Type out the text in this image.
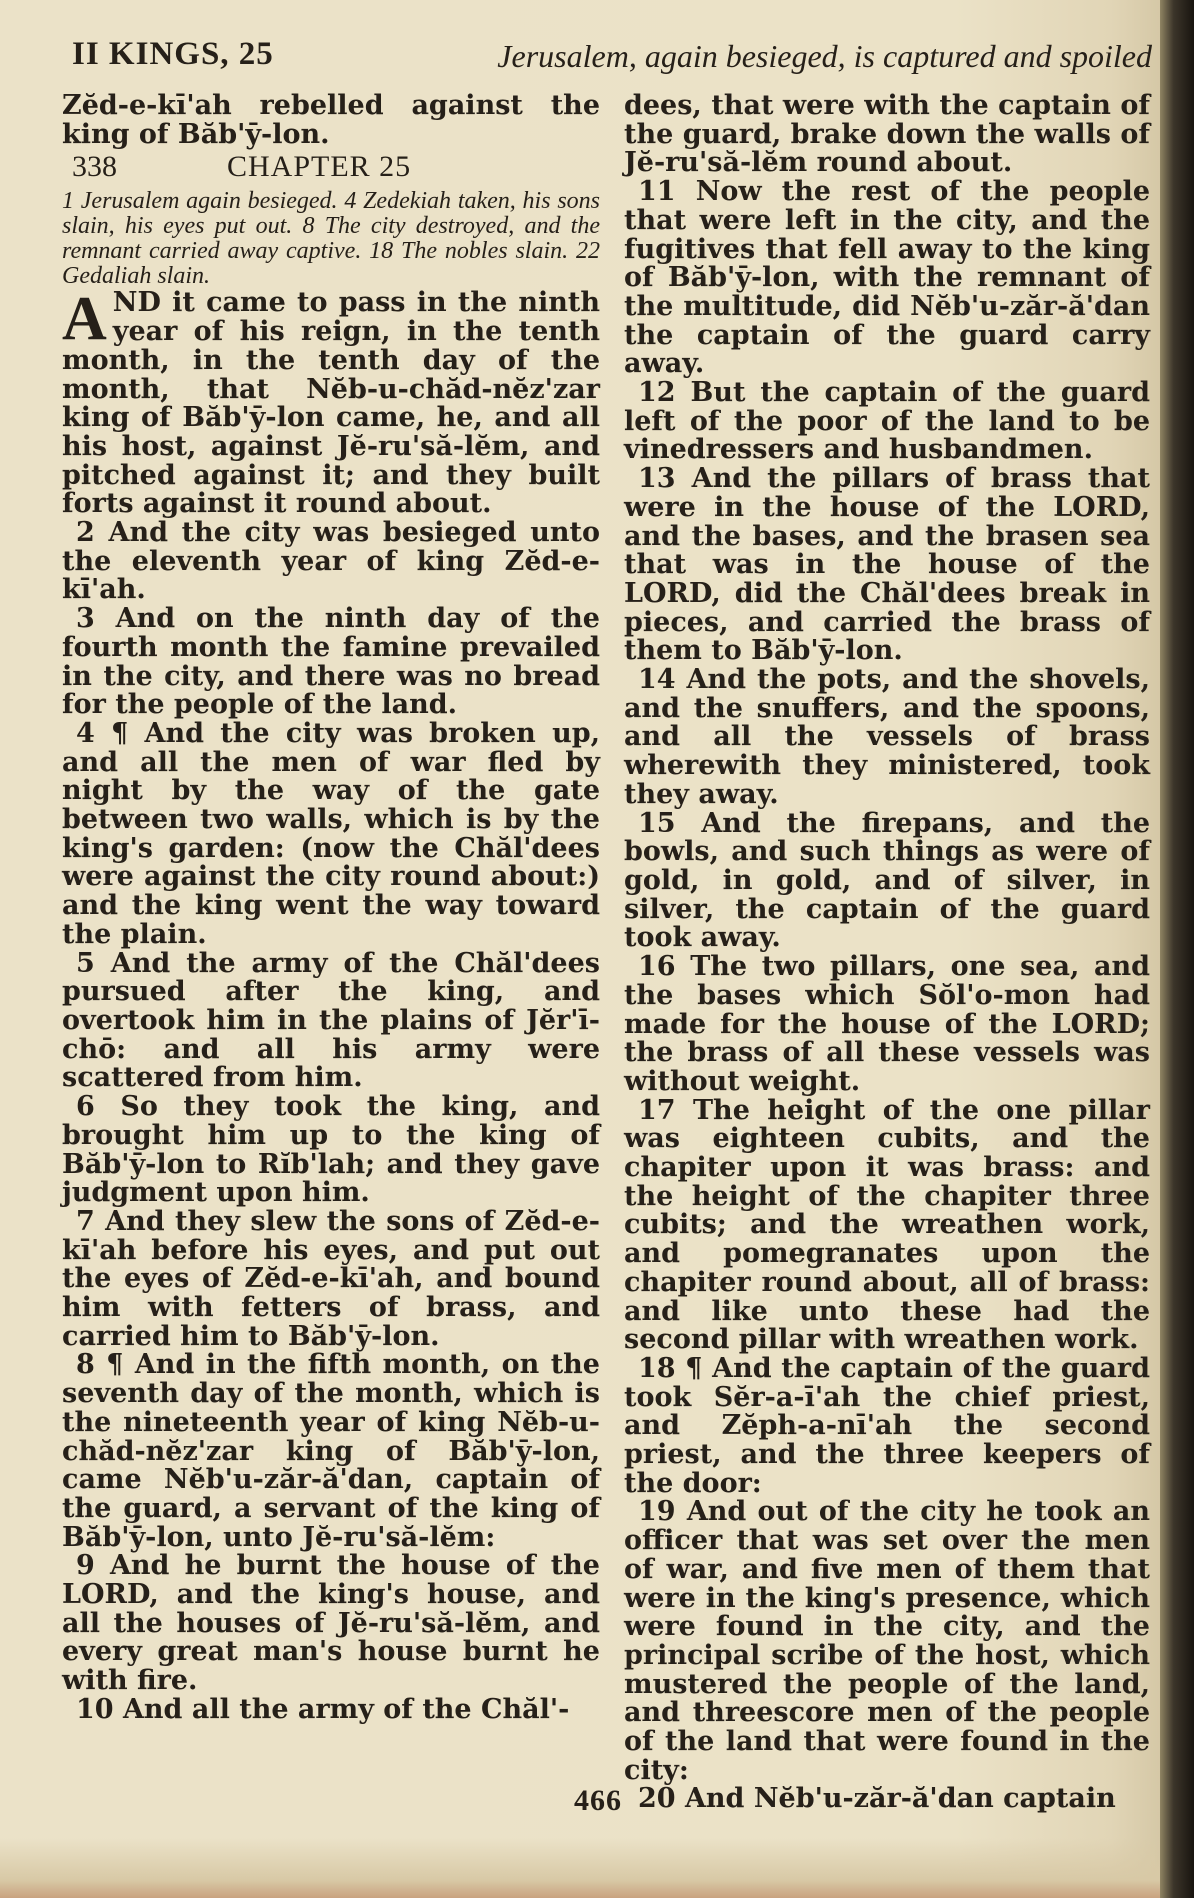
II KINGS, 25	Jerusalem, again besieged, is captured and spoiled

Zĕd-e-kī'ah rebelled against the king of Băb'ȳ-lon.

338	CHAPTER 25

1 Jerusalem again besieged. 4 Zedekiah taken, his sons slain, his eyes put out. 8 The city destroyed, and the remnant carried away captive. 18 The nobles slain. 22 Gedaliah slain.

AND it came to pass in the ninth year of his reign, in the tenth month, in the tenth day of the month, that Nĕb-u-chăd-nĕz'zar king of Băb'ȳ-lon came, he, and all his host, against Jĕ-ru'să-lĕm, and pitched against it; and they built forts against it round about.

2 And the city was besieged unto the eleventh year of king Zĕd-e-kī'ah.

3 And on the ninth day of the fourth month the famine prevailed in the city, and there was no bread for the people of the land.

4 ¶ And the city was broken up, and all the men of war fled by night by the way of the gate between two walls, which is by the king's garden: (now the Chăl'dees were against the city round about:) and the king went the way toward the plain.

5 And the army of the Chăl'dees pursued after the king, and overtook him in the plains of Jĕr'ī-chō: and all his army were scattered from him.

6 So they took the king, and brought him up to the king of Băb'ȳ-lon to Rĭb'lah; and they gave judgment upon him.

7 And they slew the sons of Zĕd-e-kī'ah before his eyes, and put out the eyes of Zĕd-e-kī'ah, and bound him with fetters of brass, and carried him to Băb'ȳ-lon.

8 ¶ And in the fifth month, on the seventh day of the month, which is the nineteenth year of king Nĕb-u-chăd-nĕz'zar king of Băb'ȳ-lon, came Nĕb'u-zăr-ă'dan, captain of the guard, a servant of the king of Băb'ȳ-lon, unto Jĕ-ru'să-lĕm:

9 And he burnt the house of the LORD, and the king's house, and all the houses of Jĕ-ru'să-lĕm, and every great man's house burnt he with fire.

10 And all the army of the Chăl'-

dees, that were with the captain of the guard, brake down the walls of Jĕ-ru'să-lĕm round about.

11 Now the rest of the people that were left in the city, and the fugitives that fell away to the king of Băb'ȳ-lon, with the remnant of the multitude, did Nĕb'u-zăr-ă'dan the captain of the guard carry away.

12 But the captain of the guard left of the poor of the land to be vinedressers and husbandmen.

13 And the pillars of brass that were in the house of the LORD, and the bases, and the brasen sea that was in the house of the LORD, did the Chăl'dees break in pieces, and carried the brass of them to Băb'ȳ-lon.

14 And the pots, and the shovels, and the snuffers, and the spoons, and all the vessels of brass wherewith they ministered, took they away.

15 And the firepans, and the bowls, and such things as were of gold, in gold, and of silver, in silver, the captain of the guard took away.

16 The two pillars, one sea, and the bases which Sŏl'o-mon had made for the house of the LORD; the brass of all these vessels was without weight.

17 The height of the one pillar was eighteen cubits, and the chapiter upon it was brass: and the height of the chapiter three cubits; and the wreathen work, and pomegranates upon the chapiter round about, all of brass: and like unto these had the second pillar with wreathen work.

18 ¶ And the captain of the guard took Sĕr-a-ī'ah the chief priest, and Zĕph-a-nī'ah the second priest, and the three keepers of the door:

19 And out of the city he took an officer that was set over the men of war, and five men of them that were in the king's presence, which were found in the city, and the principal scribe of the host, which mustered the people of the land, and threescore men of the people of the land that were found in the city:

20 And Nĕb'u-zăr-ă'dan captain

466
